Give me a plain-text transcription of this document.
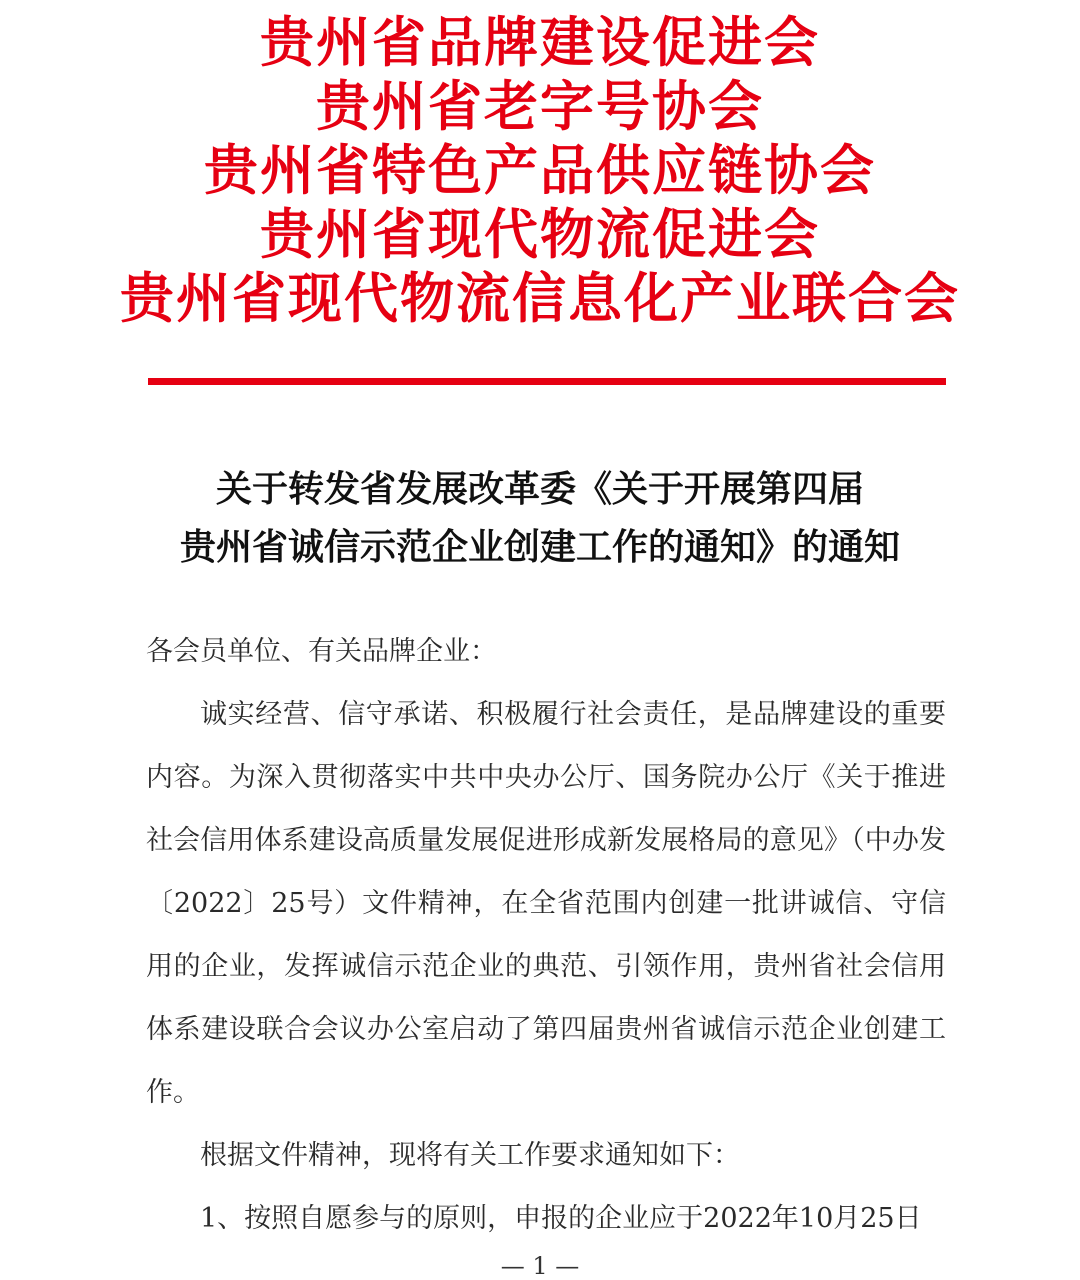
贵州省品牌建设促进会
贵州省老字号协会
贵州省特色产品供应链协会
贵州省现代物流促进会
贵州省现代物流信息化产业联合会
关于转发省发展改革委《关于开展第四届
贵州省诚信示范企业创建工作的通知》的通知

各会员单位、有关品牌企业：

诚实经营、信守承诺、积极履行社会责任，是品牌建设的重要内容。为深入贯彻落实中共中央办公厅、国务院办公厅《关于推进社会信用体系建设高质量发展促进形成新发展格局的意见》（中办发〔2022〕25号）文件精神，在全省范围内创建一批讲诚信、守信用的企业，发挥诚信示范企业的典范、引领作用，贵州省社会信用体系建设联合会议办公室启动了第四届贵州省诚信示范企业创建工作。

根据文件精神，现将有关工作要求通知如下：

1、按照自愿参与的原则，申报的企业应于2022年10月25日

— 1 —
